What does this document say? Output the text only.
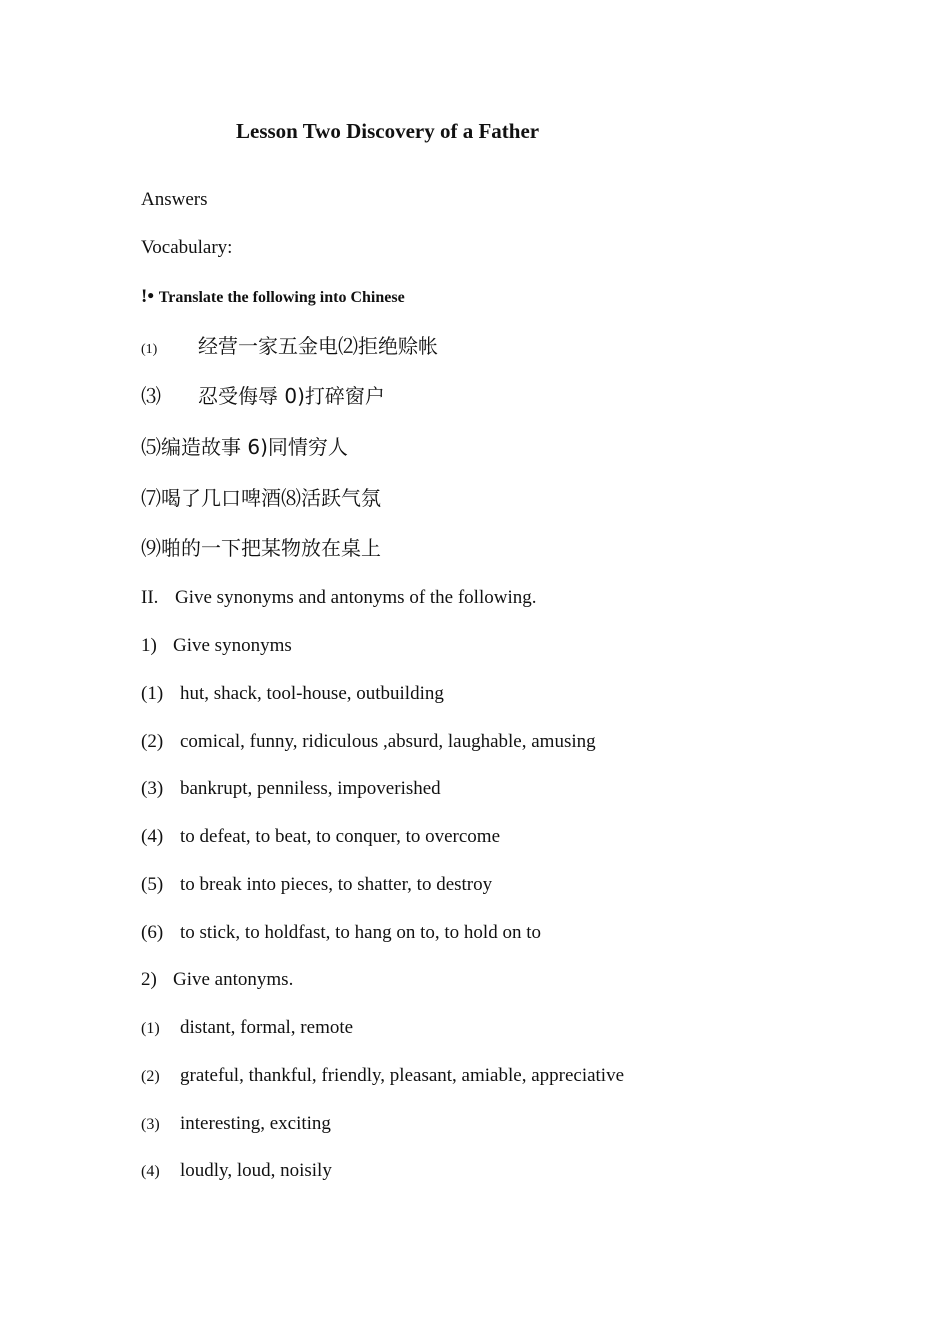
Lesson Two Discovery of a Father
Answers
Vocabulary:
!• Translate the following into Chinese
(1) 经营一家五金电⑵拒绝赊帐
⑶ 忍受侮辱 0)打碎窗户
⑸编造故事 6)同情穷人
⑺喝了几口啤酒⑻活跃气氛
⑼啪的一下把某物放在桌上
II. Give synonyms and antonyms of the following.
1) Give synonyms
(1) hut, shack, tool-house, outbuilding
(2) comical, funny, ridiculous ,absurd, laughable, amusing
(3) bankrupt, penniless, impoverished
(4) to defeat, to beat, to conquer, to overcome
(5) to break into pieces, to shatter, to destroy
(6) to stick, to holdfast, to hang on to, to hold on to
2) Give antonyms.
(1) distant, formal, remote
(2) grateful, thankful, friendly, pleasant, amiable, appreciative
(3) interesting, exciting
(4) loudly, loud, noisily
